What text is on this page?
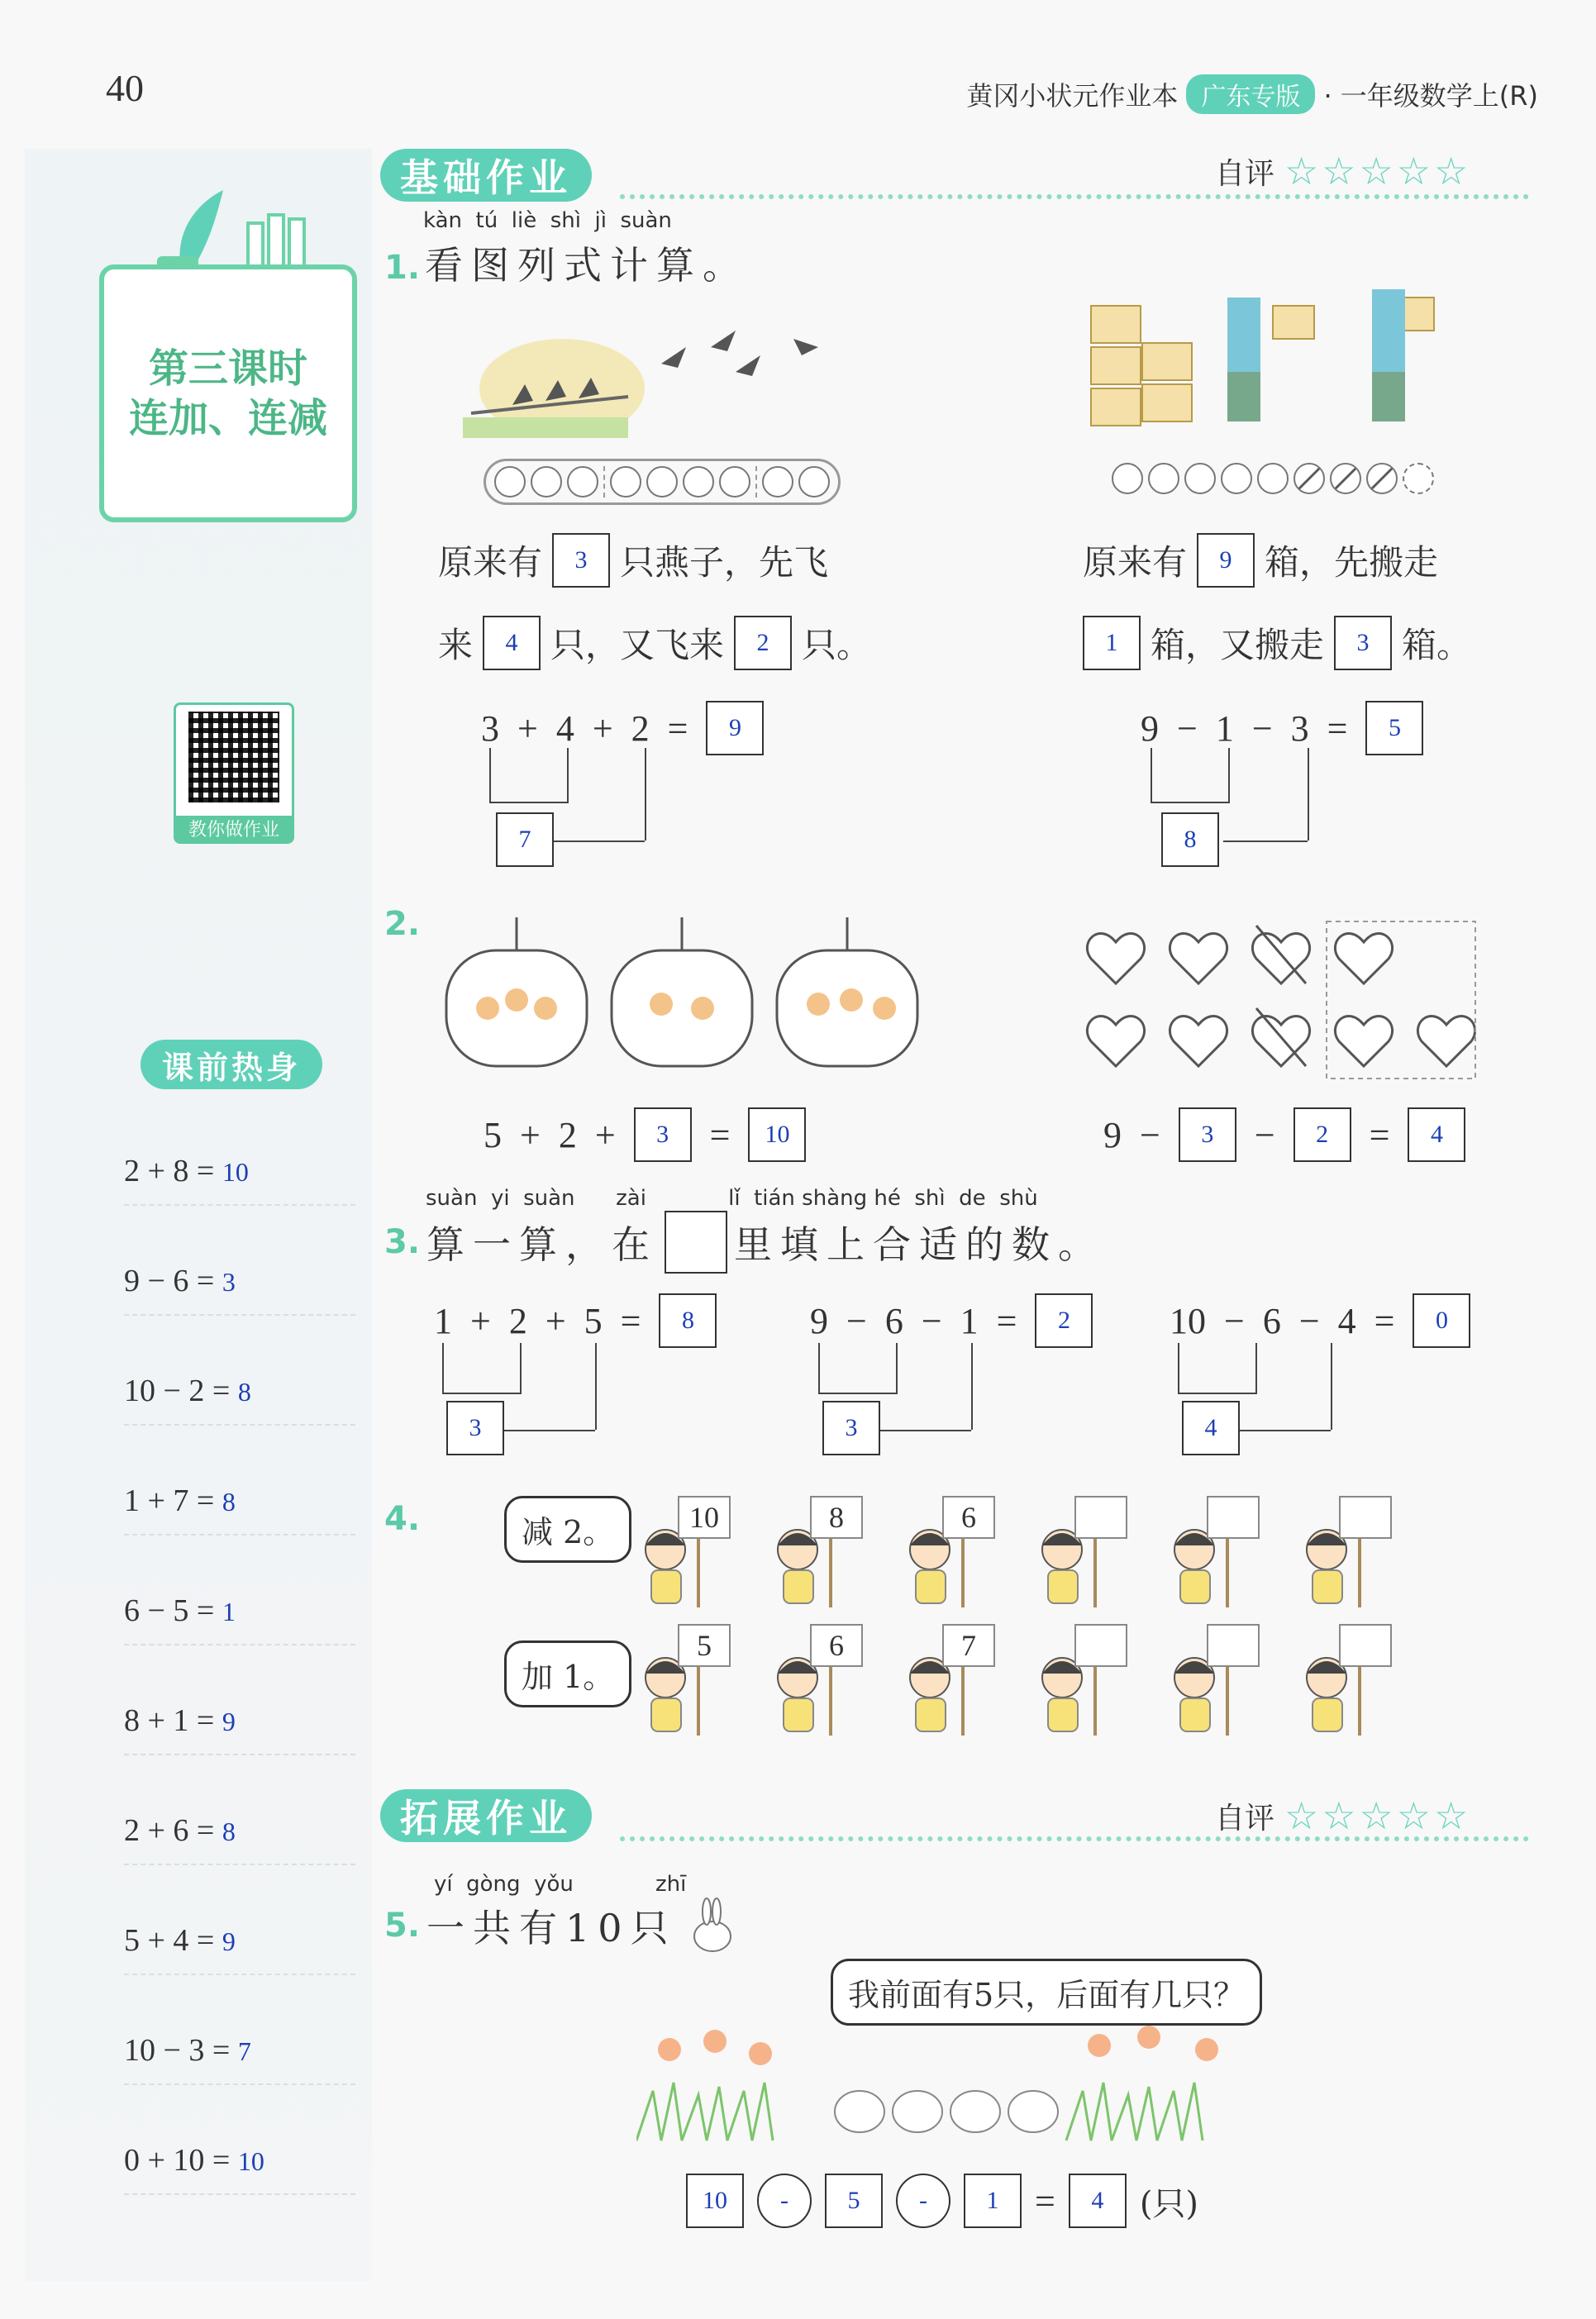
40	黄冈小状元作业本 广东专版 · 一年级数学上(R)
第三课时
连加、连减
教你做作业
课前热身
2 + 8 = 10
9 − 6 = 3
10 − 2 = 8
1 + 7 = 8
6 − 5 = 1
8 + 1 = 9
2 + 6 = 8
5 + 4 = 9
10 − 3 = 7
0 + 10 = 10
基础作业	自评 ☆☆☆☆☆
kàn  tú  liè  shì  jì  suàn
1. 看图列式计算。
原来有	3 只燕子，先飞
来	4 只，又飞来	2 只。
3 + 4 + 2 =	9
7
原来有	9 箱，先搬走
1 箱，又搬走	3 箱。
9 − 1 − 3 =	5
8
2.
5 + 2 +	3	=	10	9 −	3	−	2	=	4
suàn  yi  suàn      zài            lǐ  tián shàng hé  shì  de  shù
3. 算一算，在 里填上合适的数。
1 + 2 + 5 =	8
3
9 − 6 − 1 =	2
3
10 − 6 − 4 =	0
4
4.	减 2。
加 1。
10	8	6
5	6	7
拓展作业	自评 ☆☆☆☆☆
yí  gòng  yǒu            zhī
5. 一共有10只
我前面有5只，后面有几只？
10	-	5	-	1 =	4	(只)
